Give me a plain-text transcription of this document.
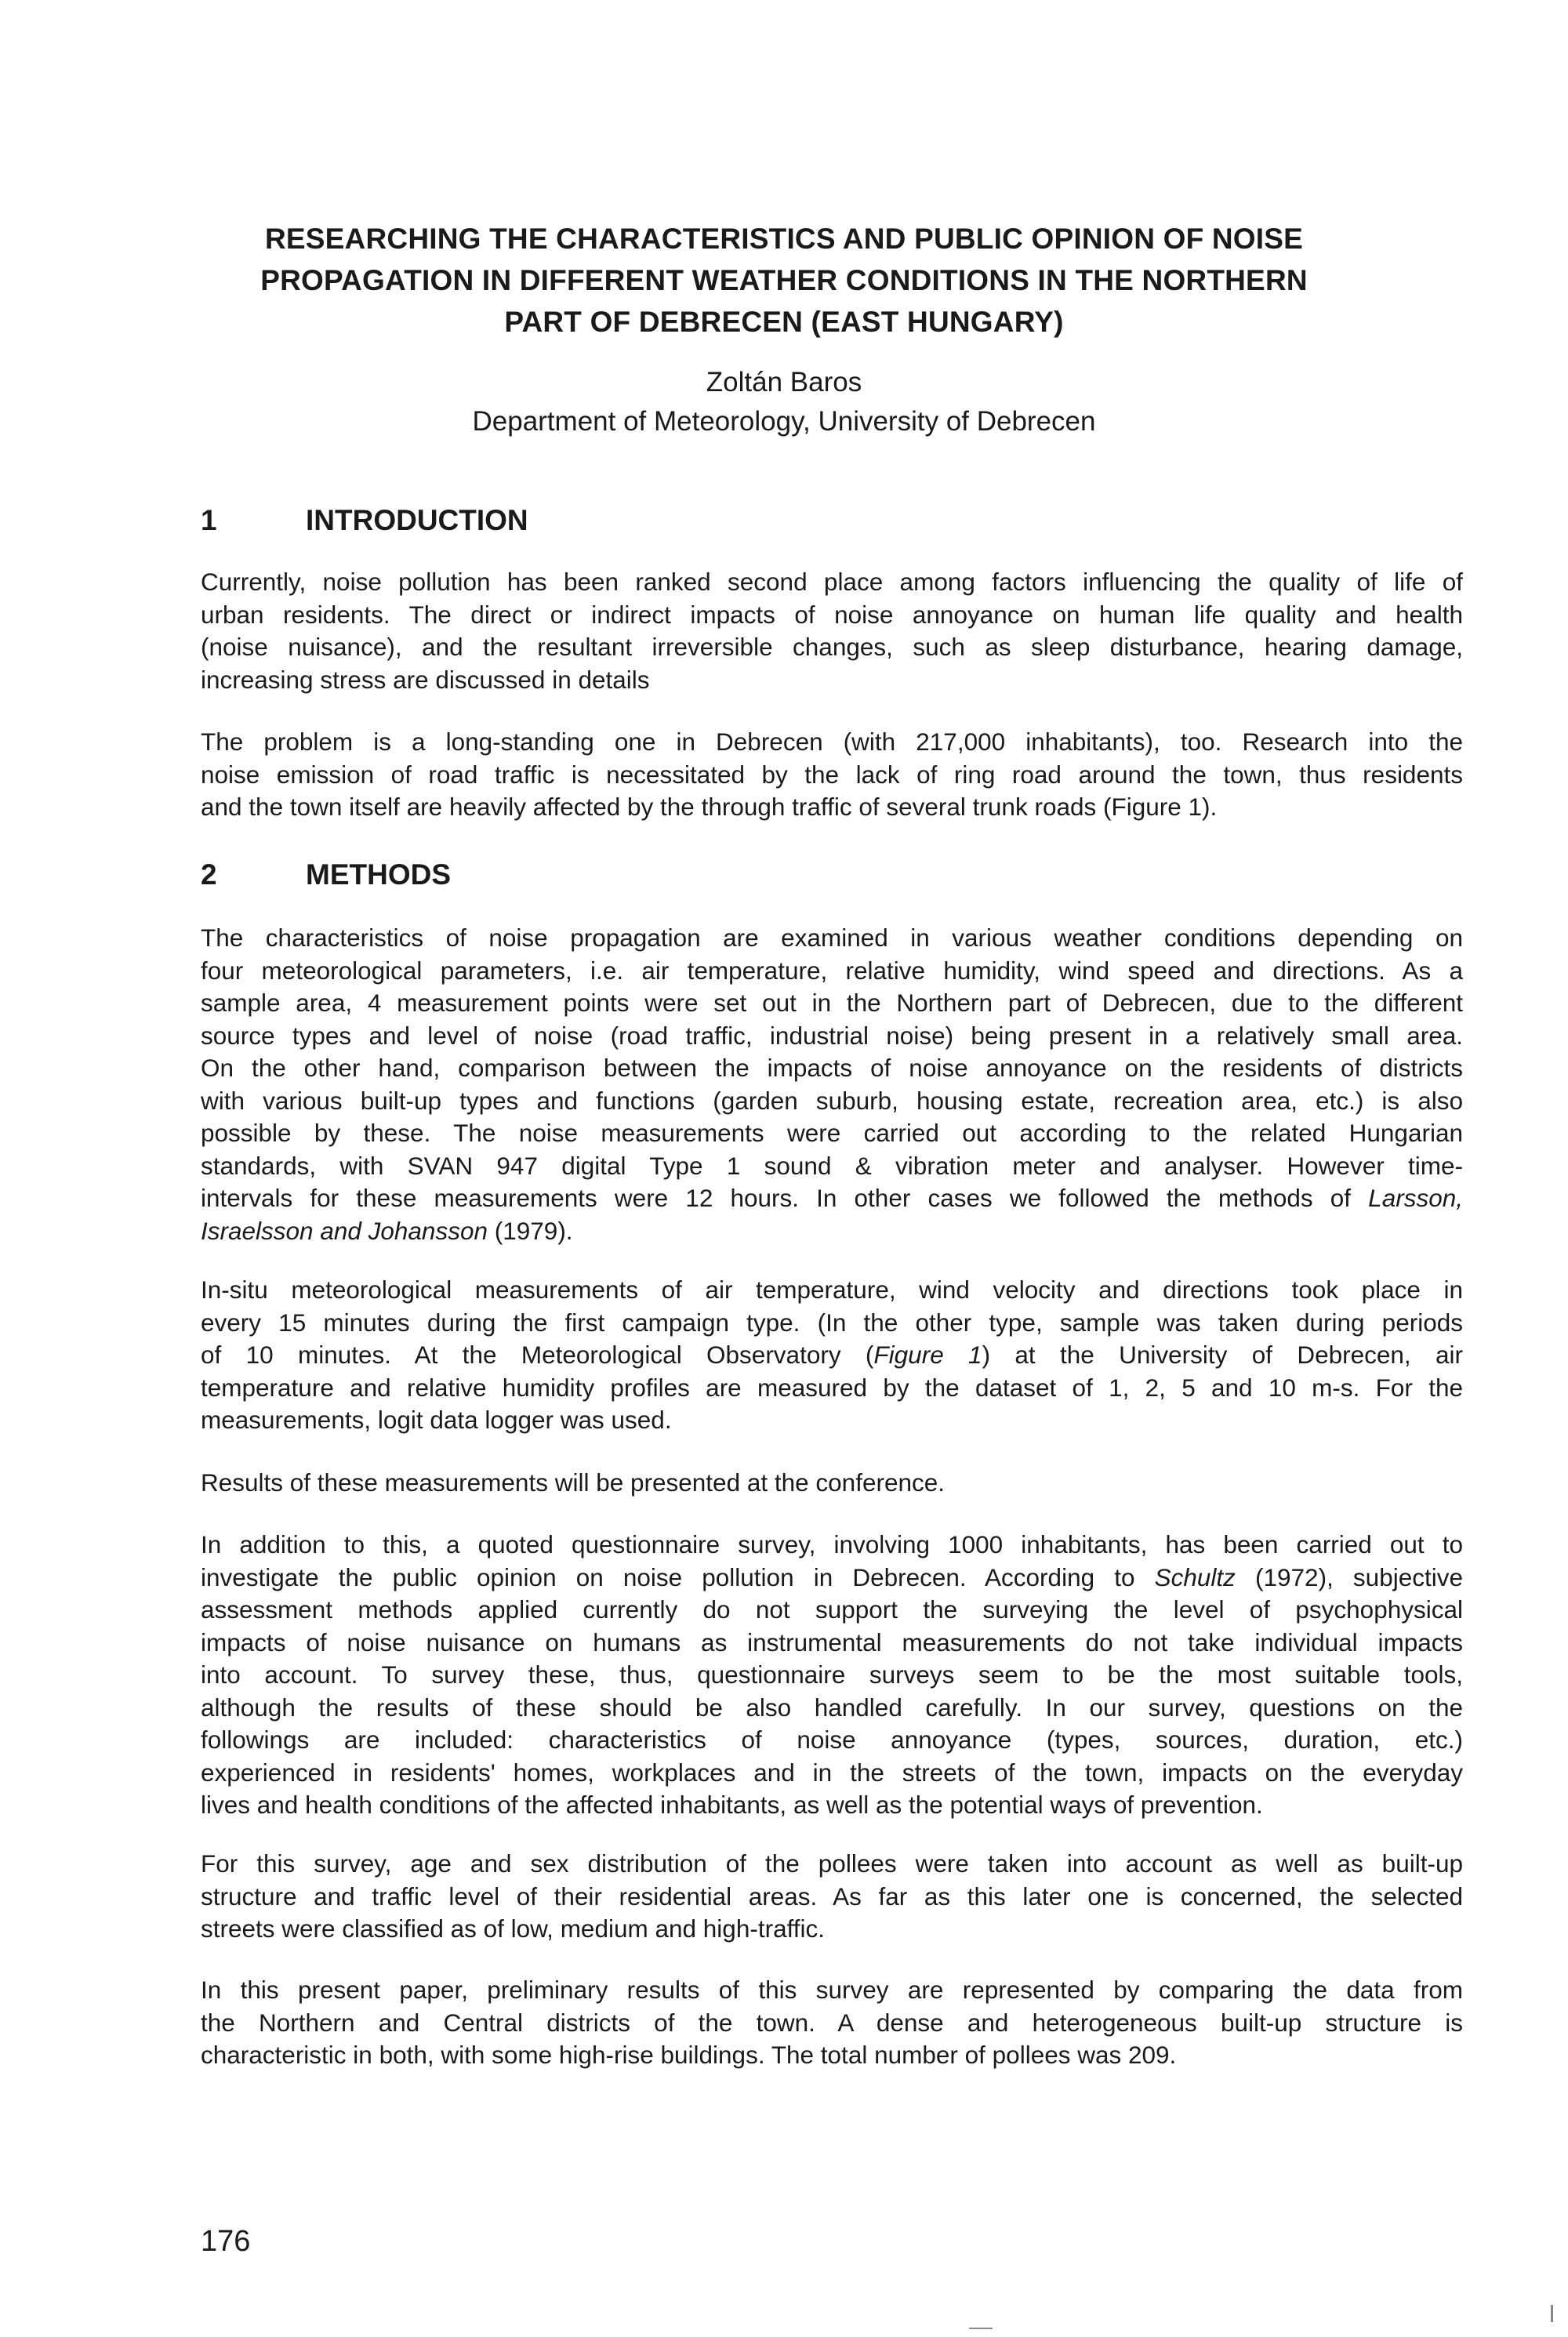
RESEARCHING THE CHARACTERISTICS AND PUBLIC OPINION OF NOISE
PROPAGATION IN DIFFERENT WEATHER CONDITIONS IN THE NORTHERN
PART OF DEBRECEN (EAST HUNGARY)
Zoltán Baros
Department of Meteorology, University of Debrecen
1	INTRODUCTION
Currently, noise pollution has been ranked second place among factors influencing the quality of life of
urban residents. The direct or indirect impacts of noise annoyance on human life quality and health
(noise nuisance), and the resultant irreversible changes, such as sleep disturbance, hearing damage,
increasing stress are discussed in details
The problem is a long-standing one in Debrecen (with 217,000 inhabitants), too. Research into the
noise emission of road traffic is necessitated by the lack of ring road around the town, thus residents
and the town itself are heavily affected by the through traffic of several trunk roads (Figure 1).
2	METHODS
The characteristics of noise propagation are examined in various weather conditions depending on
four meteorological parameters, i.e. air temperature, relative humidity, wind speed and directions. As a
sample area, 4 measurement points were set out in the Northern part of Debrecen, due to the different
source types and level of noise (road traffic, industrial noise) being present in a relatively small area.
On the other hand, comparison between the impacts of noise annoyance on the residents of districts
with various built-up types and functions (garden suburb, housing estate, recreation area, etc.) is also
possible by these. The noise measurements were carried out according to the related Hungarian
standards, with SVAN 947 digital Type 1 sound & vibration meter and analyser. However time-
intervals for these measurements were 12 hours. In other cases we followed the methods of Larsson,
Israelsson and Johansson (1979).
In-situ meteorological measurements of air temperature, wind velocity and directions took place in
every 15 minutes during the first campaign type. (In the other type, sample was taken during periods
of 10 minutes. At the Meteorological Observatory (Figure 1) at the University of Debrecen, air
temperature and relative humidity profiles are measured by the dataset of 1, 2, 5 and 10 m-s. For the
measurements, logit data logger was used.
Results of these measurements will be presented at the conference.
In addition to this, a quoted questionnaire survey, involving 1000 inhabitants, has been carried out to
investigate the public opinion on noise pollution in Debrecen. According to Schultz (1972), subjective
assessment methods applied currently do not support the surveying the level of psychophysical
impacts of noise nuisance on humans as instrumental measurements do not take individual impacts
into account. To survey these, thus, questionnaire surveys seem to be the most suitable tools,
although the results of these should be also handled carefully. In our survey, questions on the
followings are included: characteristics of noise annoyance (types, sources, duration, etc.)
experienced in residents' homes, workplaces and in the streets of the town, impacts on the everyday
lives and health conditions of the affected inhabitants, as well as the potential ways of prevention.
For this survey, age and sex distribution of the pollees were taken into account as well as built-up
structure and traffic level of their residential areas. As far as this later one is concerned, the selected
streets were classified as of low, medium and high-traffic.
In this present paper, preliminary results of this survey are represented by comparing the data from
the Northern and Central districts of the town. A dense and heterogeneous built-up structure is
characteristic in both, with some high-rise buildings. The total number of pollees was 209.
176
